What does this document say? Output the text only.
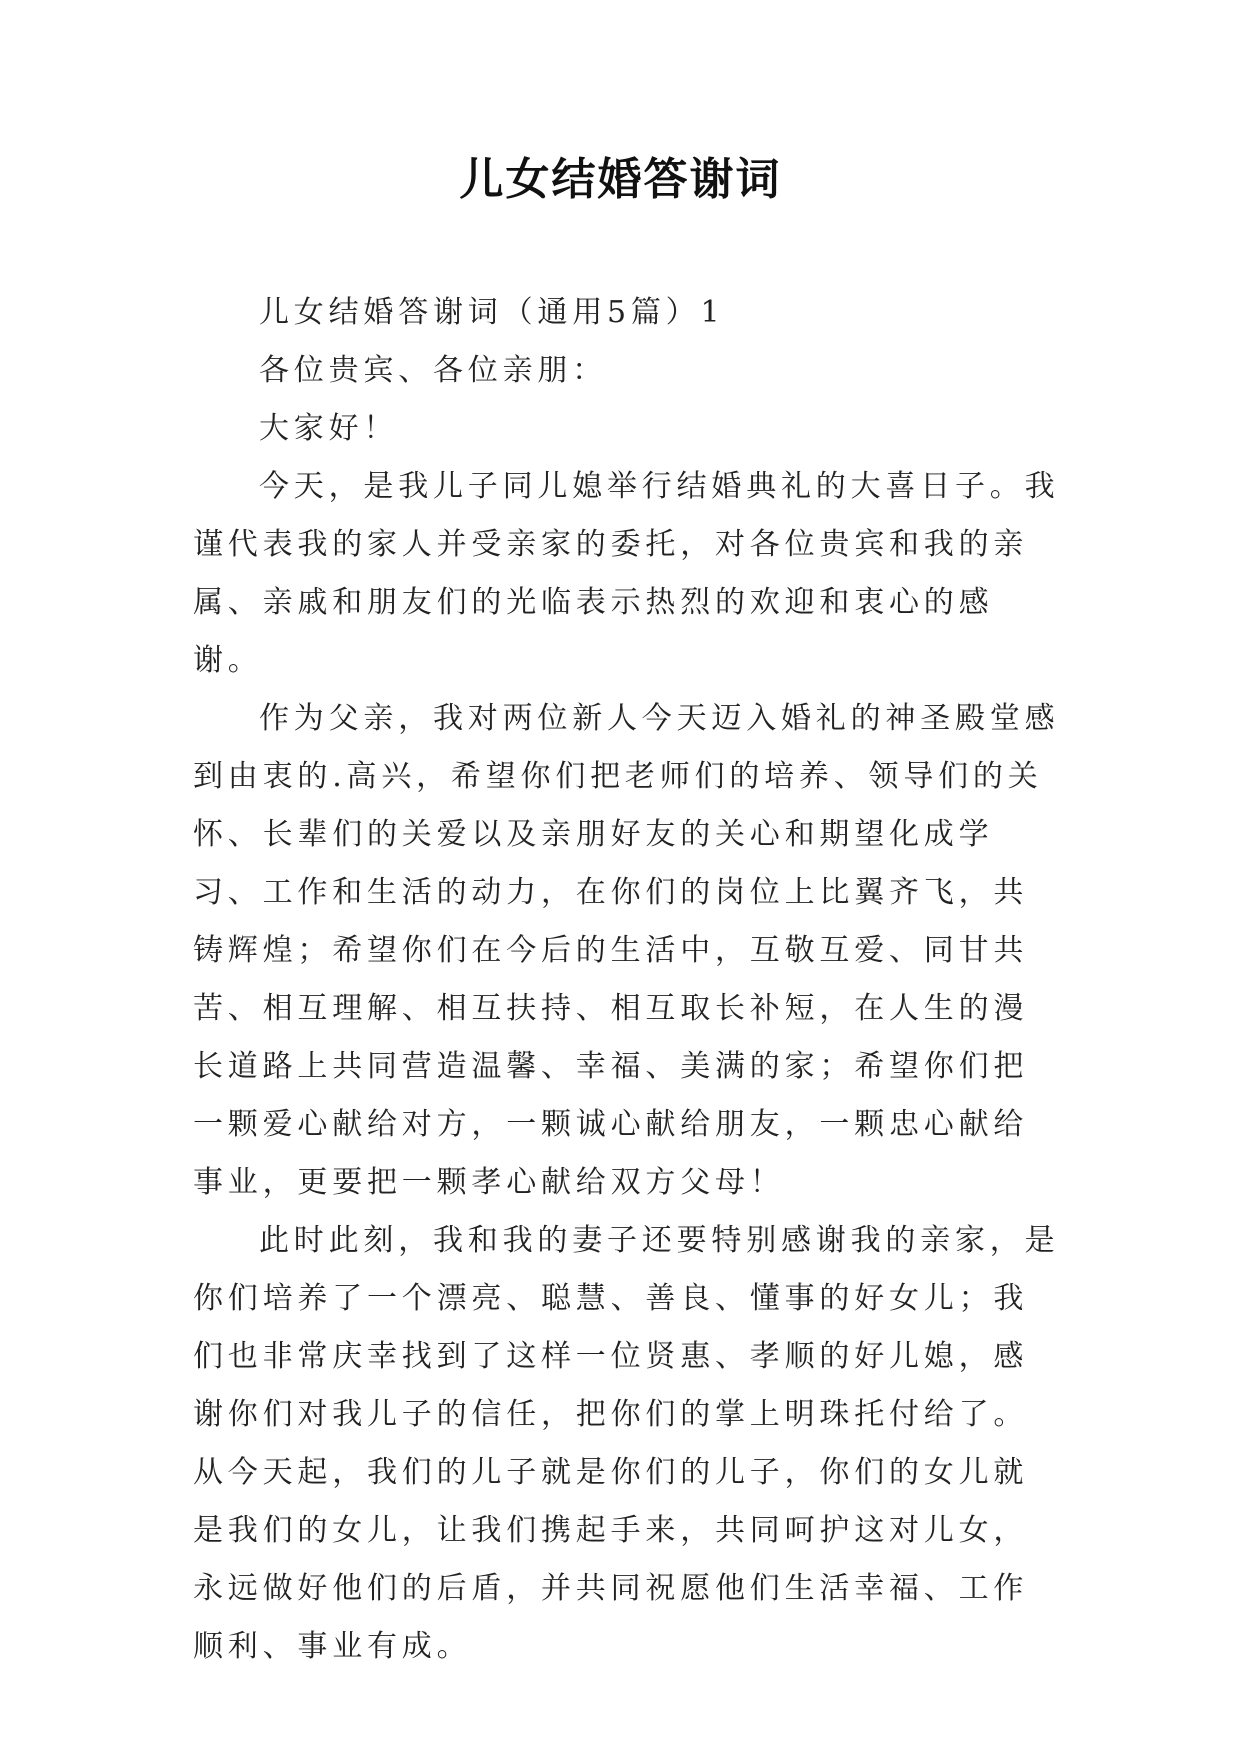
儿女结婚答谢词

儿女结婚答谢词（通用5篇）1

各位贵宾、各位亲朋：

大家好！

今天，是我儿子同儿媳举行结婚典礼的大喜日子。我谨代表我的家人并受亲家的委托，对各位贵宾和我的亲属、亲戚和朋友们的光临表示热烈的欢迎和衷心的感谢。

作为父亲，我对两位新人今天迈入婚礼的神圣殿堂感到由衷的.高兴，希望你们把老师们的培养、领导们的关怀、长辈们的关爱以及亲朋好友的关心和期望化成学习、工作和生活的动力，在你们的岗位上比翼齐飞，共铸辉煌；希望你们在今后的生活中，互敬互爱、同甘共苦、相互理解、相互扶持、相互取长补短，在人生的漫长道路上共同营造温馨、幸福、美满的家；希望你们把一颗爱心献给对方，一颗诚心献给朋友，一颗忠心献给事业，更要把一颗孝心献给双方父母！

此时此刻，我和我的妻子还要特别感谢我的亲家，是你们培养了一个漂亮、聪慧、善良、懂事的好女儿；我们也非常庆幸找到了这样一位贤惠、孝顺的好儿媳，感谢你们对我儿子的信任，把你们的掌上明珠托付给了。从今天起，我们的儿子就是你们的儿子，你们的女儿就是我们的女儿，让我们携起手来，共同呵护这对儿女，永远做好他们的后盾，并共同祝愿他们生活幸福、工作顺利、事业有成。
